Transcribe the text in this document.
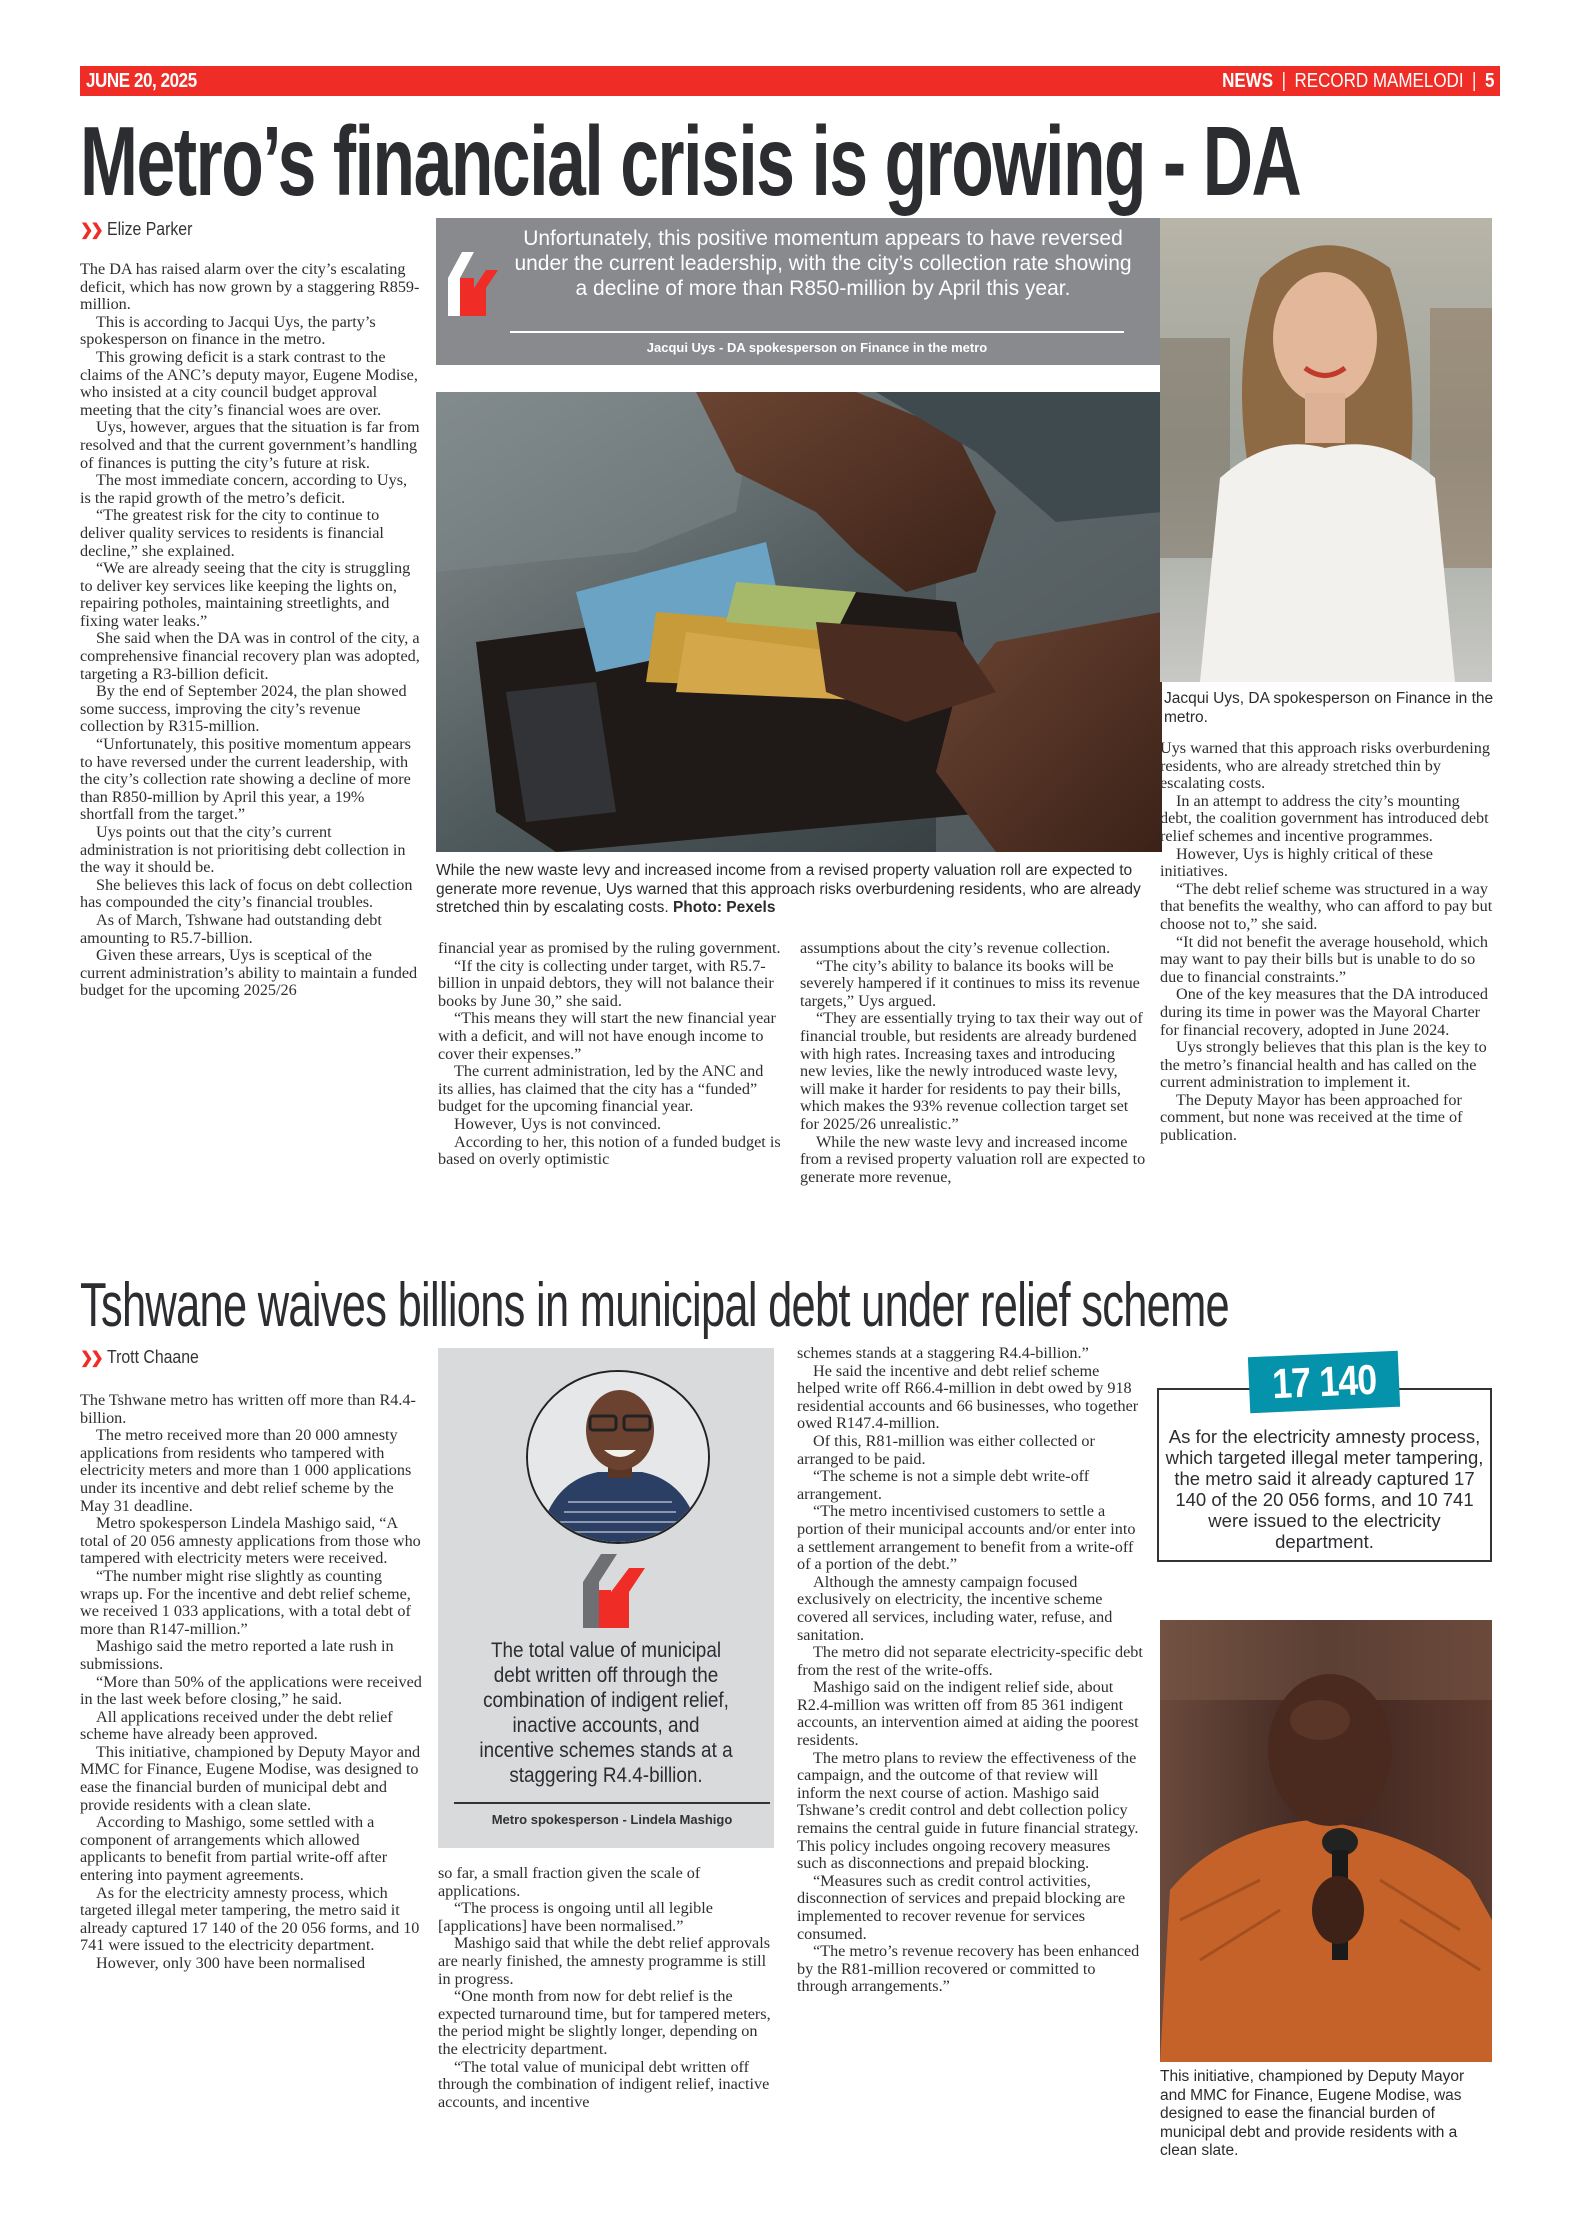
JUNE 20, 2025	NEWS | RECORD MAMELODI | 5
Metro’s financial crisis is growing - DA
❯❯ Elize Parker	Unfortunately, this positive momentum appears to have reversed under the current leadership, with the city’s collection rate showing a decline of more than R850-million by April this year.
Jacqui Uys - DA spokesperson on Finance in the metro
While the new waste levy and increased income from a revised property valuation roll are expected to generate more revenue, Uys warned that this approach risks overburdening residents, who are already stretched thin by escalating costs. Photo: Pexels
Jacqui Uys, DA spokesperson on Finance in the metro.

The DA has raised alarm over the city’s escalating deficit, which has now grown by a staggering R859-million.

This is according to Jacqui Uys, the party’s spokesperson on finance in the metro.

This growing deficit is a stark contrast to the claims of the ANC’s deputy mayor, Eugene Modise, who insisted at a city council budget approval meeting that the city’s financial woes are over.

Uys, however, argues that the situation is far from resolved and that the current government’s handling of finances is putting the city’s future at risk.

The most immediate concern, according to Uys, is the rapid growth of the metro’s deficit.

“The greatest risk for the city to continue to deliver quality services to residents is financial decline,” she explained.

“We are already seeing that the city is struggling to deliver key services like keeping the lights on, repairing potholes, maintaining streetlights, and fixing water leaks.”

She said when the DA was in control of the city, a comprehensive financial recovery plan was adopted, targeting a R3-billion deficit.

By the end of September 2024, the plan showed some success, improving the city’s revenue collection by R315-million.

“Unfortunately, this positive momentum appears to have reversed under the current leadership, with the city’s collection rate showing a decline of more than R850-million by April this year, a 19% shortfall from the target.”

Uys points out that the city’s current administration is not prioritising debt collection in the way it should be.

She believes this lack of focus on debt collection has compounded the city’s financial troubles.

As of March, Tshwane had outstanding debt amounting to R5.7-billion.

Given these arrears, Uys is sceptical of the current administration’s ability to maintain a funded budget for the upcoming 2025/26

financial year as promised by the ruling government.

“If the city is collecting under target, with R5.7-billion in unpaid debtors, they will not balance their books by June 30,” she said.

“This means they will start the new financial year with a deficit, and will not have enough income to cover their expenses.”

The current administration, led by the ANC and its allies, has claimed that the city has a “funded” budget for the upcoming financial year.

However, Uys is not convinced.

According to her, this notion of a funded budget is based on overly optimistic

assumptions about the city’s revenue collection.

“The city’s ability to balance its books will be severely hampered if it continues to miss its revenue targets,” Uys argued.

“They are essentially trying to tax their way out of financial trouble, but residents are already burdened with high rates. Increasing taxes and introducing new levies, like the newly introduced waste levy, will make it harder for residents to pay their bills, which makes the 93% revenue collection target set for 2025/26 unrealistic.”

While the new waste levy and increased income from a revised property valuation roll are expected to generate more revenue,

Uys warned that this approach risks overburdening residents, who are already stretched thin by escalating costs.

In an attempt to address the city’s mounting debt, the coalition government has introduced debt relief schemes and incentive programmes.

However, Uys is highly critical of these initiatives.

“The debt relief scheme was structured in a way that benefits the wealthy, who can afford to pay but choose not to,” she said.

“It did not benefit the average household, which may want to pay their bills but is unable to do so due to financial constraints.”

One of the key measures that the DA introduced during its time in power was the Mayoral Charter for financial recovery, adopted in June 2024.

Uys strongly believes that this plan is the key to the metro’s financial health and has called on the current administration to implement it.

The Deputy Mayor has been approached for comment, but none was received at the time of publication.

Tshwane waives billions in municipal debt under relief scheme
❯❯ Trott Chaane

The Tshwane metro has written off more than R4.4-billion.

The metro received more than 20 000 amnesty applications from residents who tampered with electricity meters and more than 1 000 applications under its incentive and debt relief scheme by the May 31 deadline.

Metro spokesperson Lindela Mashigo said, “A total of 20 056 amnesty applications from those who tampered with electricity meters were received.

“The number might rise slightly as counting wraps up. For the incentive and debt relief scheme, we received 1 033 applications, with a total debt of more than R147-million.”

Mashigo said the metro reported a late rush in submissions.

“More than 50% of the applications were received in the last week before closing,” he said.

All applications received under the debt relief scheme have already been approved.

This initiative, championed by Deputy Mayor and MMC for Finance, Eugene Modise, was designed to ease the financial burden of municipal debt and provide residents with a clean slate.

According to Mashigo, some settled with a component of arrangements which allowed applicants to benefit from partial write-off after entering into payment agreements.

As for the electricity amnesty process, which targeted illegal meter tampering, the metro said it already captured 17 140 of the 20 056 forms, and 10 741 were issued to the electricity department.

However, only 300 have been normalised

The total value of municipal debt written off through the combination of indigent relief, inactive accounts, and incentive schemes stands at a staggering R4.4-billion.
Metro spokesperson - Lindela Mashigo

so far, a small fraction given the scale of applications.

“The process is ongoing until all legible [applications] have been normalised.”

Mashigo said that while the debt relief approvals are nearly finished, the amnesty programme is still in progress.

“One month from now for debt relief is the expected turnaround time, but for tampered meters, the period might be slightly longer, depending on the electricity department.

“The total value of municipal debt written off through the combination of indigent relief, inactive accounts, and incentive

schemes stands at a staggering R4.4-billion.”

He said the incentive and debt relief scheme helped write off R66.4-million in debt owed by 918 residential accounts and 66 businesses, who together owed R147.4-million.

Of this, R81-million was either collected or arranged to be paid.

“The scheme is not a simple debt write-off arrangement.

“The metro incentivised customers to settle a portion of their municipal accounts and/or enter into a settlement arrangement to benefit from a write-off of a portion of the debt.”

Although the amnesty campaign focused exclusively on electricity, the incentive scheme covered all services, including water, refuse, and sanitation.

The metro did not separate electricity-specific debt from the rest of the write-offs.

Mashigo said on the indigent relief side, about R2.4-million was written off from 85 361 indigent accounts, an intervention aimed at aiding the poorest residents.

The metro plans to review the effectiveness of the campaign, and the outcome of that review will inform the next course of action. Mashigo said Tshwane’s credit control and debt collection policy remains the central guide in future financial strategy. This policy includes ongoing recovery measures such as disconnections and prepaid blocking.

“Measures such as credit control activities, disconnection of services and prepaid blocking are implemented to recover revenue for services consumed.

“The metro’s revenue recovery has been enhanced by the R81-million recovered or committed to through arrangements.”

17 140
As for the electricity amnesty process, which targeted illegal meter tampering, the metro said it already captured 17 140 of the 20 056 forms, and 10 741 were issued to the electricity department.
This initiative, championed by Deputy Mayor and MMC for Finance, Eugene Modise, was designed to ease the financial burden of municipal debt and provide residents with a clean slate.
